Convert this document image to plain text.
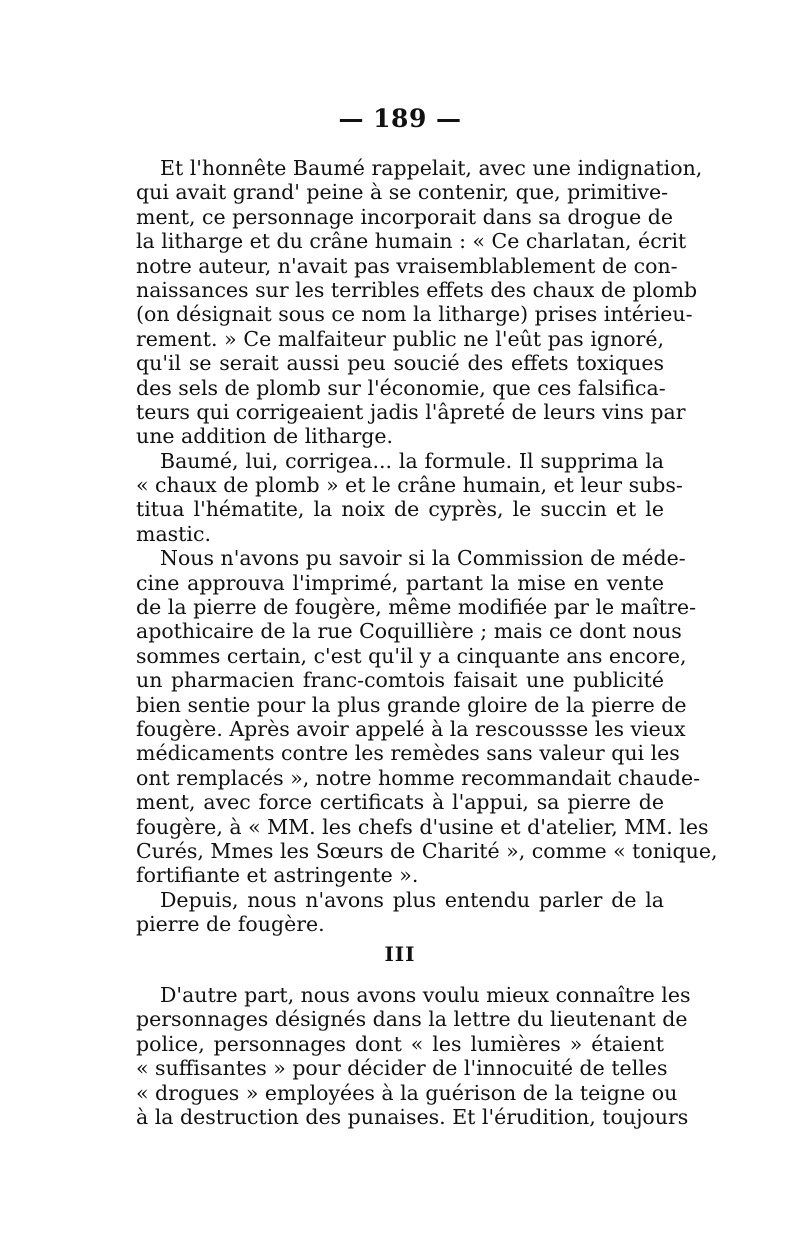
— 189 —
Et l'honnête Baumé rappelait, avec une indignation,
qui avait grand' peine à se contenir, que, primitive-
ment, ce personnage incorporait dans sa drogue de
la litharge et du crâne humain : « Ce charlatan, écrit
notre auteur, n'avait pas vraisemblablement de con-
naissances sur les terribles effets des chaux de plomb
(on désignait sous ce nom la litharge) prises intérieu-
rement. » Ce malfaiteur public ne l'eût pas ignoré,
qu'il se serait aussi peu soucié des effets toxiques
des sels de plomb sur l'économie, que ces falsifica-
teurs qui corrigeaient jadis l'âpreté de leurs vins par
une addition de litharge.
Baumé, lui, corrigea... la formule. Il supprima la
« chaux de plomb » et le crâne humain, et leur subs-
titua l'hématite, la noix de cyprès, le succin et le
mastic.
Nous n'avons pu savoir si la Commission de méde-
cine approuva l'imprimé, partant la mise en vente
de la pierre de fougère, même modifiée par le maître-
apothicaire de la rue Coquillière ; mais ce dont nous
sommes certain, c'est qu'il y a cinquante ans encore,
un pharmacien franc-comtois faisait une publicité
bien sentie pour la plus grande gloire de la pierre de
fougère. Après avoir appelé à la rescoussse les vieux
médicaments contre les remèdes sans valeur qui les
ont remplacés », notre homme recommandait chaude-
ment, avec force certificats à l'appui, sa pierre de
fougère, à « MM. les chefs d'usine et d'atelier, MM. les
Curés, Mmes les Sœurs de Charité », comme « tonique,
fortifiante et astringente ».
Depuis, nous n'avons plus entendu parler de la
pierre de fougère.
III
D'autre part, nous avons voulu mieux connaître les
personnages désignés dans la lettre du lieutenant de
police, personnages dont « les lumières » étaient
« suffisantes » pour décider de l'innocuité de telles
« drogues » employées à la guérison de la teigne ou
à la destruction des punaises. Et l'érudition, toujours
